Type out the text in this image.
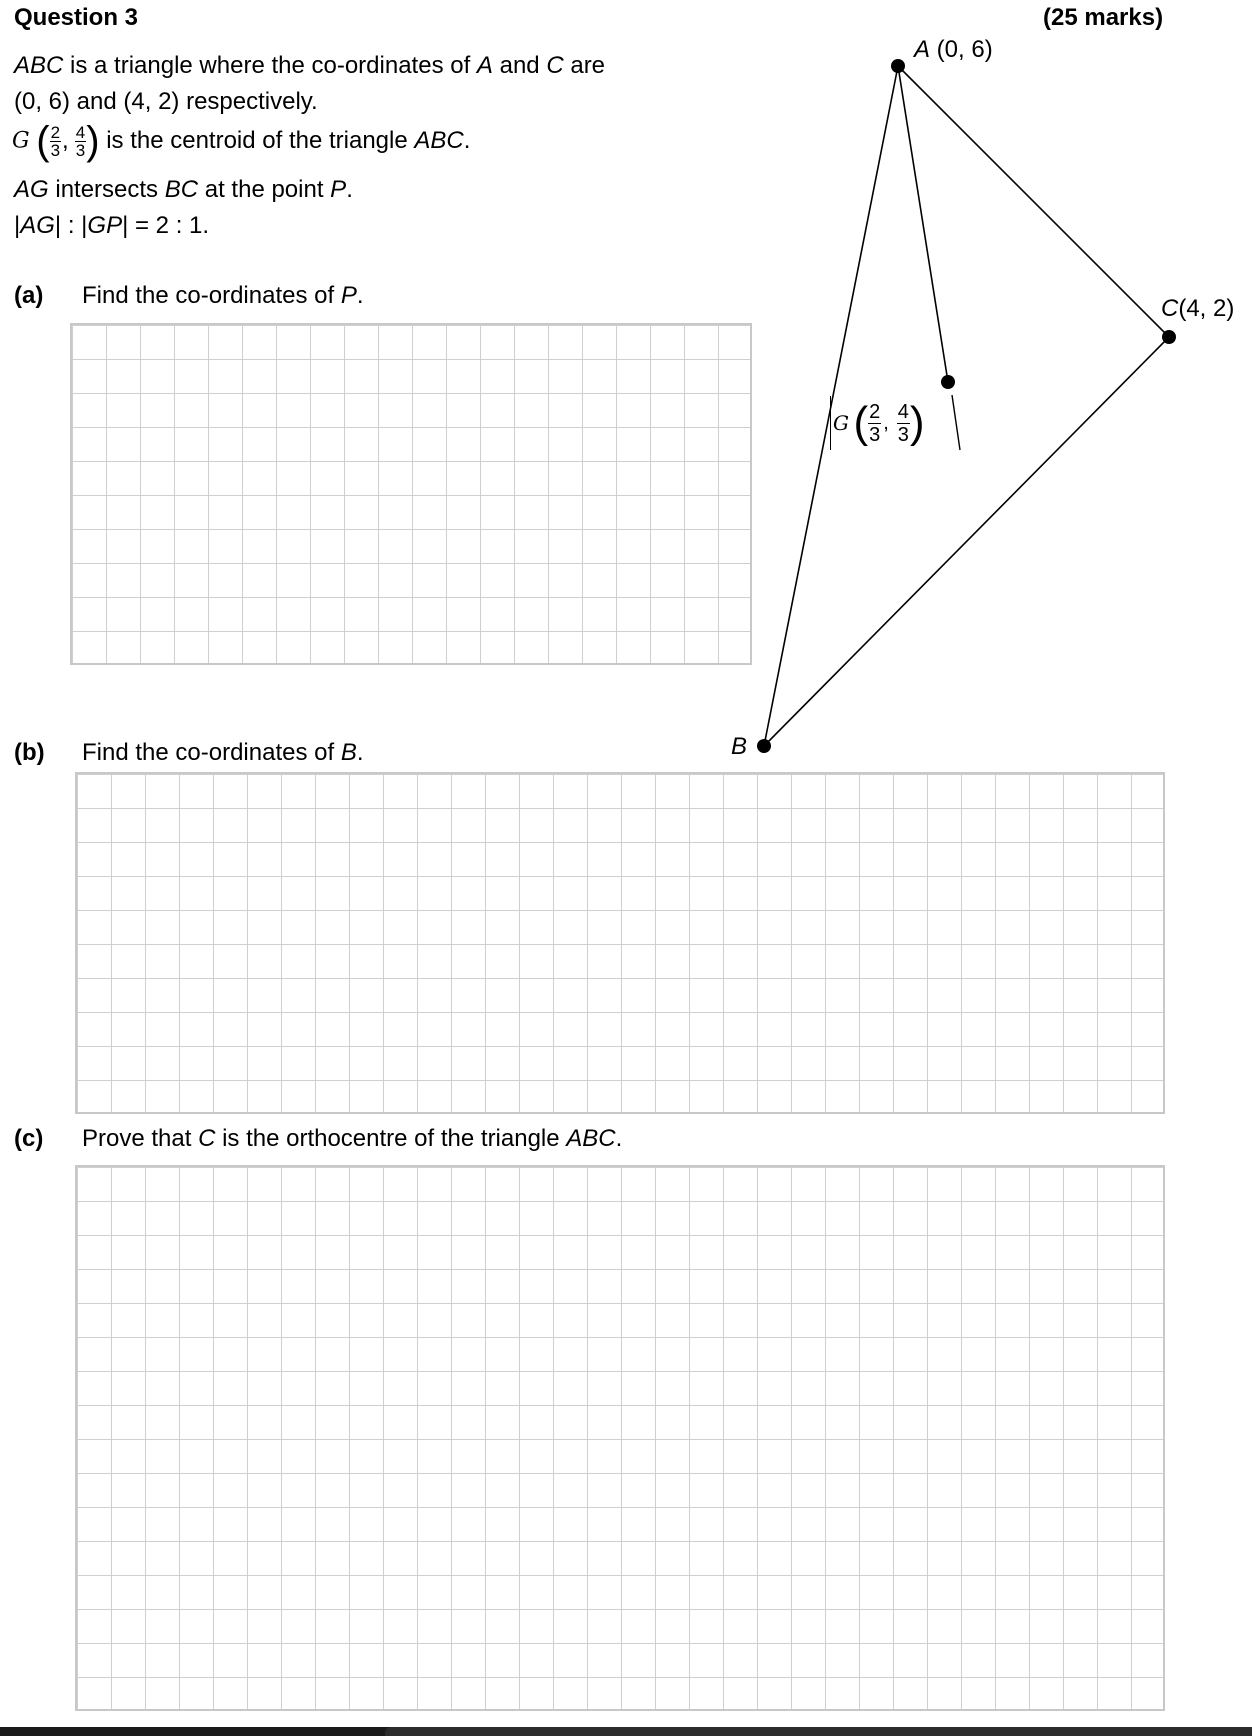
Question 3	(25 marks)
ABC is a triangle where the co-ordinates of A and C are
(0, 6) and (4, 2) respectively.
G ( $\frac{2}{3}$ , $\frac{4}{3}$ ) is the centroid of the triangle ABC.
AG intersects BC at the point P.
|AG| : |GP| = 2 : 1.
(a) Find the co-ordinates of P.
(b) Find the co-ordinates of B.
(c) Prove that C is the orthocentre of the triangle ABC.
A (0, 6)
C(4, 2)
B
G ( $\frac{2}{3}$ , $\frac{4}{3}$ )
